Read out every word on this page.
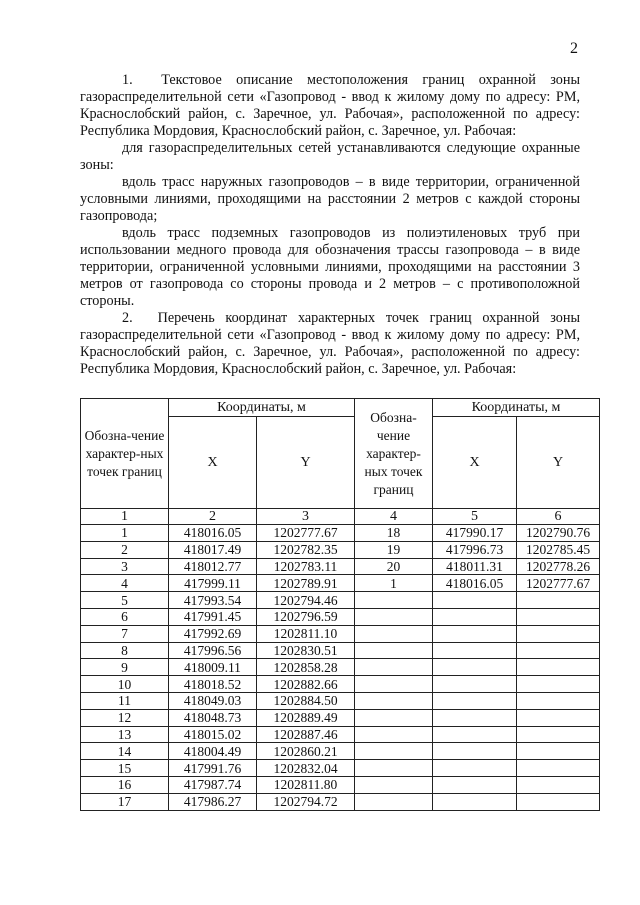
2

1.  Текстовое описание местоположения границ охранной зоны газораспределительной сети «Газопровод - ввод к жилому дому по адресу: РМ, Краснослобский район, с. Заречное, ул. Рабочая», расположенной по адресу: Республика Мордовия, Краснослобский район, с. Заречное, ул. Рабочая:

для газораспределительных сетей устанавливаются следующие охранные зоны:

вдоль трасс наружных газопроводов – в виде территории, ограниченной условными линиями, проходящими на расстоянии 2 метров с каждой стороны газопровода;

вдоль трасс подземных газопроводов из полиэтиленовых труб при использовании медного провода для обозначения трассы газопровода – в виде территории, ограниченной условными линиями, проходящими на расстоянии 3 метров от газопровода со стороны провода и 2 метров – с противоположной стороны.

2.  Перечень координат характерных точек границ охранной зоны газораспределительной сети «Газопровод - ввод к жилому дому по адресу: РМ, Краснослобский район, с. Заречное, ул. Рабочая», расположенной по адресу: Республика Мордовия, Краснослобский район, с. Заречное, ул. Рабочая:

Обозна-чение характер-ных точек границ	Координаты, м		Обозна-чение характер-ных точек границ	Координаты, м	
	X	Y		X	Y
1	2	3	4	5	6
1	418016.05	1202777.67	18	417990.17	1202790.76
2	418017.49	1202782.35	19	417996.73	1202785.45
3	418012.77	1202783.11	20	418011.31	1202778.26
4	417999.11	1202789.91	1	418016.05	1202777.67
5	417993.54	1202794.46			
6	417991.45	1202796.59			
7	417992.69	1202811.10			
8	417996.56	1202830.51			
9	418009.11	1202858.28			
10	418018.52	1202882.66			
11	418049.03	1202884.50			
12	418048.73	1202889.49			
13	418015.02	1202887.46			
14	418004.49	1202860.21			
15	417991.76	1202832.04			
16	417987.74	1202811.80			
17	417986.27	1202794.72			
